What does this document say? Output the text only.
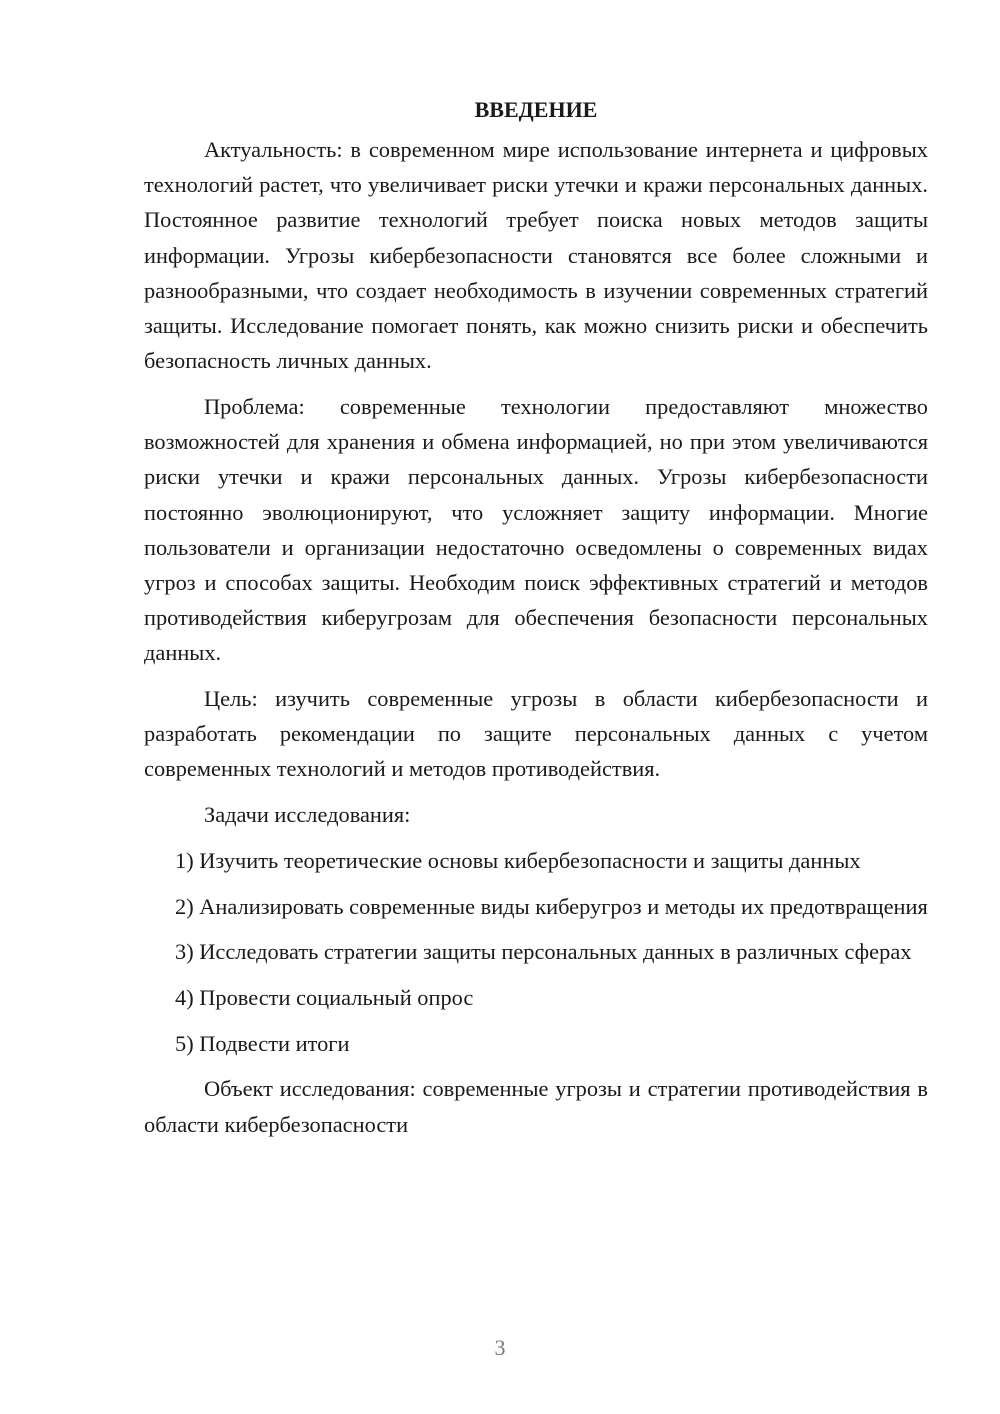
ВВЕДЕНИЕ

Актуальность: в современном мире использование интернета и цифровых технологий растет, что увеличивает риски утечки и кражи персональных данных. Постоянное развитие технологий требует поиска новых методов защиты информации. Угрозы кибербезопасности становятся все более сложными и разнообразными, что создает необходимость в изучении современных стратегий защиты. Исследование помогает понять, как можно снизить риски и обеспечить безопасность личных данных.

Проблема: современные технологии предоставляют множество возможностей для хранения и обмена информацией, но при этом увеличиваются риски утечки и кражи персональных данных. Угрозы кибербезопасности постоянно эволюционируют, что усложняет защиту информации. Многие пользователи и организации недостаточно осведомлены о современных видах угроз и способах защиты. Необходим поиск эффективных стратегий и методов противодействия киберугрозам для обеспечения безопасности персональных данных.

Цель: изучить современные угрозы в области кибербезопасности и разработать рекомендации по защите персональных данных с учетом современных технологий и методов противодействия.

Задачи исследования:

1) Изучить теоретические основы кибербезопасности и защиты данных

2) Анализировать современные виды киберугроз и методы их предотвращения

3) Исследовать стратегии защиты персональных данных в различных сферах

4) Провести социальный опрос

5) Подвести итоги

Объект исследования: современные угрозы и стратегии противодействия в области кибербезопасности

3
